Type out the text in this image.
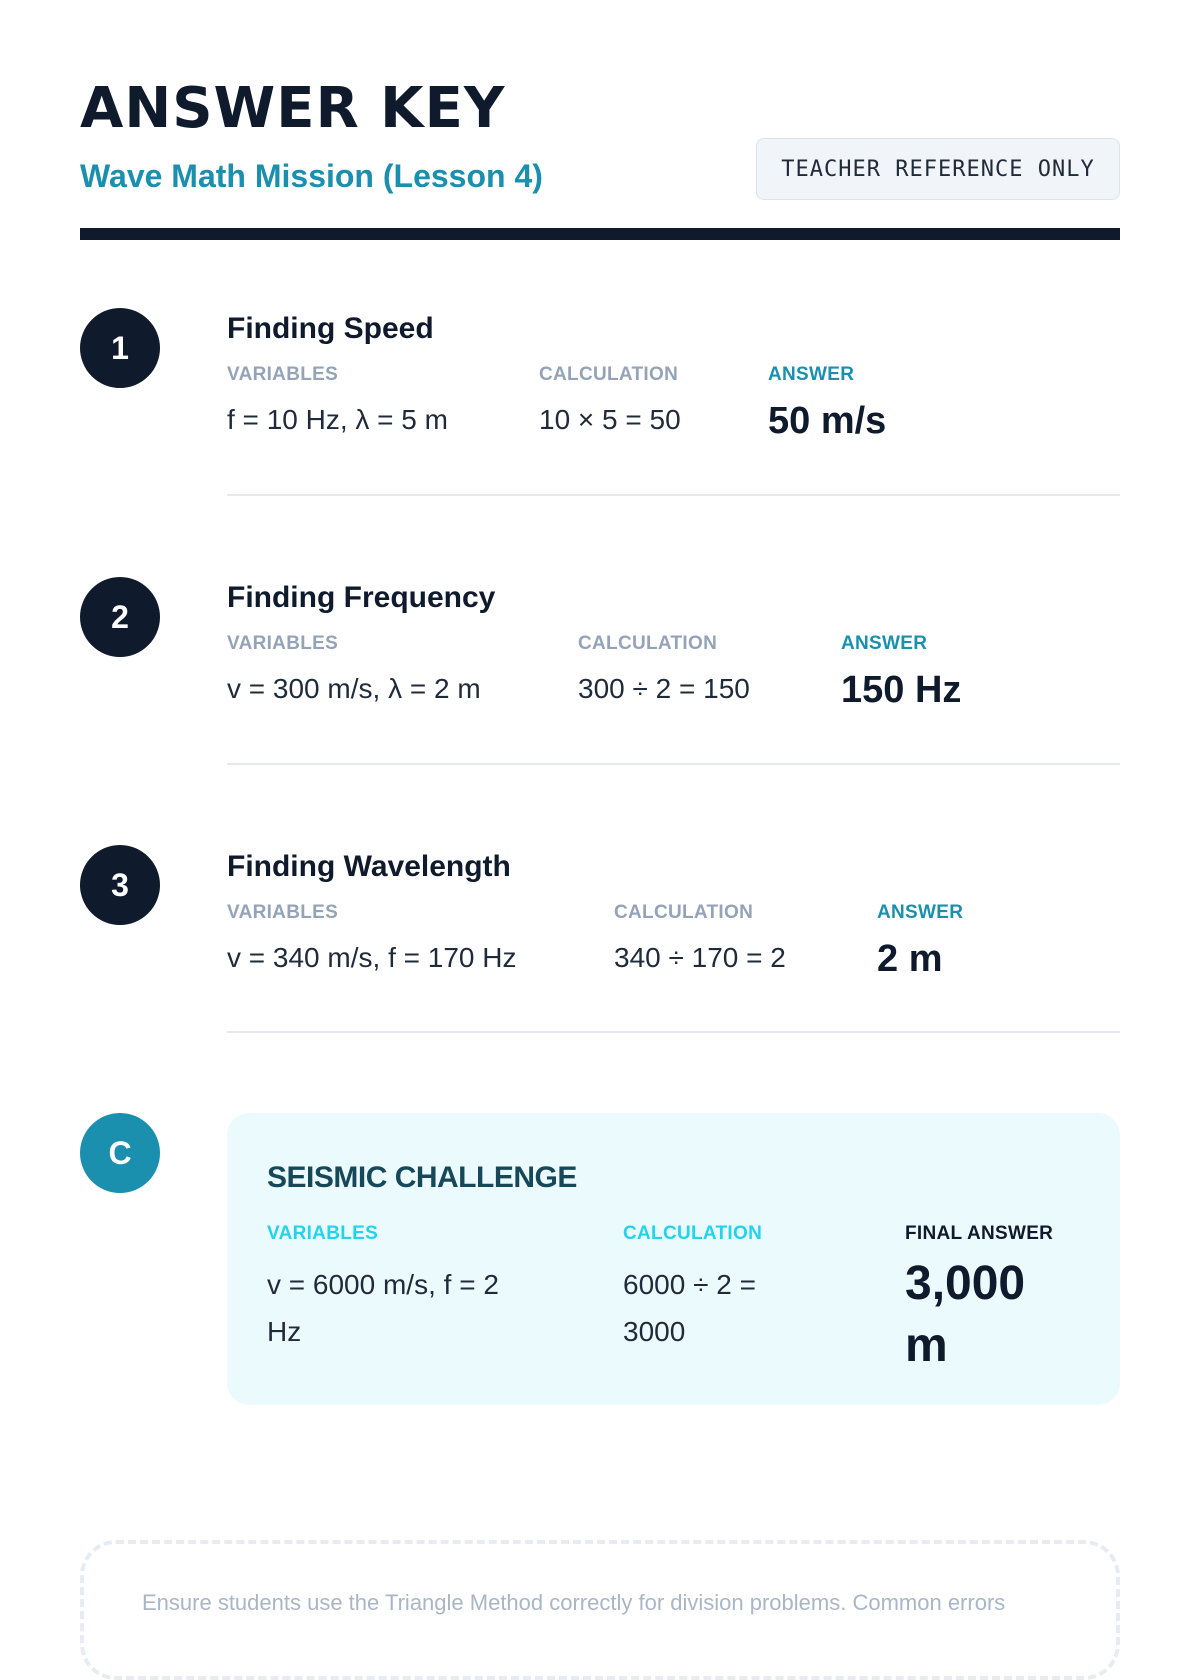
ANSWER KEY
Wave Math Mission (Lesson 4)	TEACHER REFERENCE ONLY
1
Finding Speed
VARIABLES
f = 10 Hz, λ = 5 m
CALCULATION
10 × 5 = 50
ANSWER
50 m/s
2
Finding Frequency
VARIABLES
v = 300 m/s, λ = 2 m
CALCULATION
300 ÷ 2 = 150
ANSWER
150 Hz
3	Finding Wavelength
VARIABLES
v = 340 m/s, f = 170 Hz
CALCULATION
340 ÷ 170 = 2
ANSWER
2 m
C
SEISMIC CHALLENGE
VARIABLES
v = 6000 m/s, f = 2
Hz
CALCULATION
6000 ÷ 2 =
3000
FINAL ANSWER
3,000
m
Ensure students use the Triangle Method correctly for division problems. Common errors
